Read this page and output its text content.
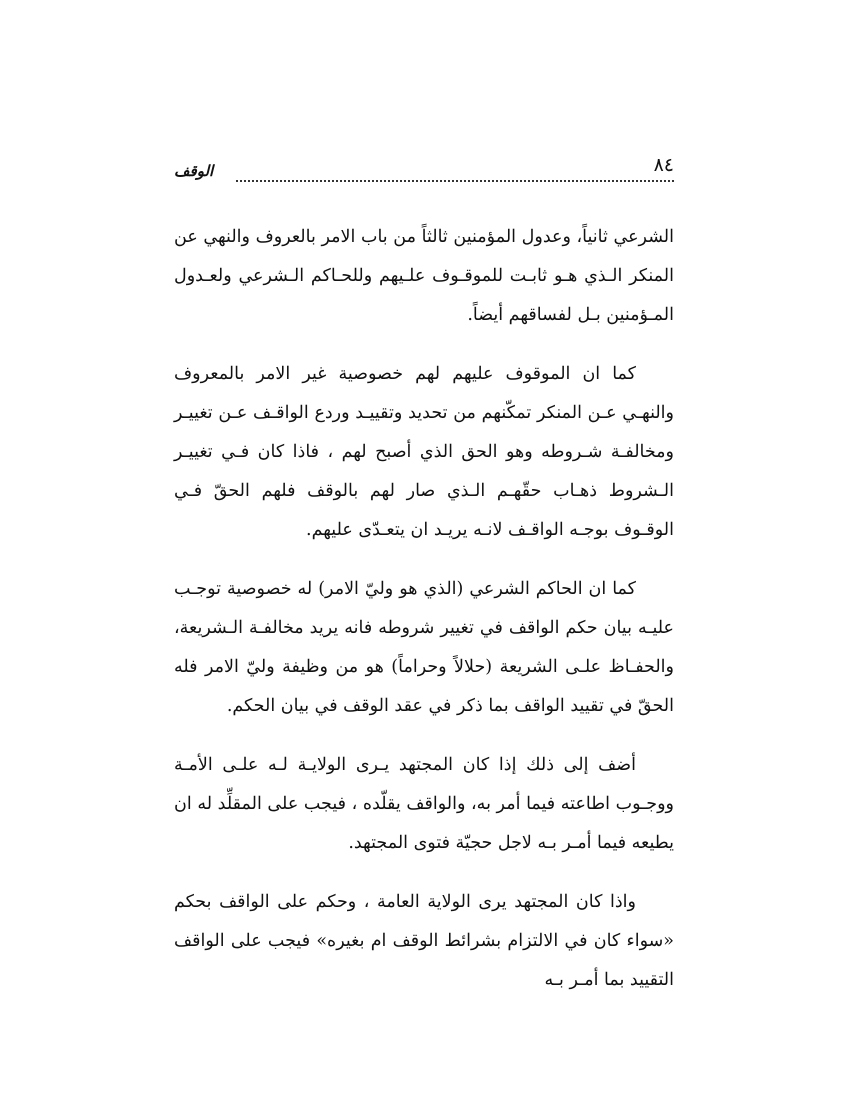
٨٤
الوقف

الشرعي ثانياً، وعدول المؤمنين ثالثاً من باب الامر بالعروف والنهي عن المنكر الـذي هـو ثابـت للموقـوف علـيهم وللحـاكم الـشرعي ولعـدول المـؤمنين بـل لفساقهم أيضاً.

كما ان الموقوف عليهم لهم خصوصية غير الامر بالمعروف والنهـي عـن المنكر تمكّنهم من تحديد وتقييـد وردع الواقـف عـن تغييـر ومخالفـة شـروطه وهو الحق الذي أصبح لهم ، فاذا كان فـي تغييـر الـشروط ذهـاب حقّهـم الـذي صار لهم بالوقف فلهم الحقّ فـي الوقـوف بوجـه الواقـف لانـه يريـد ان يتعـدّى عليهم.

كما ان الحاكم الشرعي (الذي هو وليّ الامر) له خصوصية توجـب عليـه بيان حكم الواقف في تغيير شروطه فانه يريد مخالفـة الـشريعة، والحفـاظ علـى الشريعة (حلالاً وحراماً) هو من وظيفة وليّ الامر فله الحقّ في تقييد الواقف بما ذكر في عقد الوقف في بيان الحكم.

أضف إلى ذلك إذا كان المجتهد يـرى الولايـة لـه علـى الأمـة ووجـوب اطاعته فيما أمر به، والواقف يقلّده ، فيجب على المقلِّد له ان يطيعه فيما أمـر بـه لاجل حجيّة فتوى المجتهد.

واذا كان المجتهد يرى الولاية العامة ، وحكم على الواقف بحكم «سواء كان في الالتزام بشرائط الوقف ام بغيره» فيجب على الواقف التقييد بما أمـر بـه
